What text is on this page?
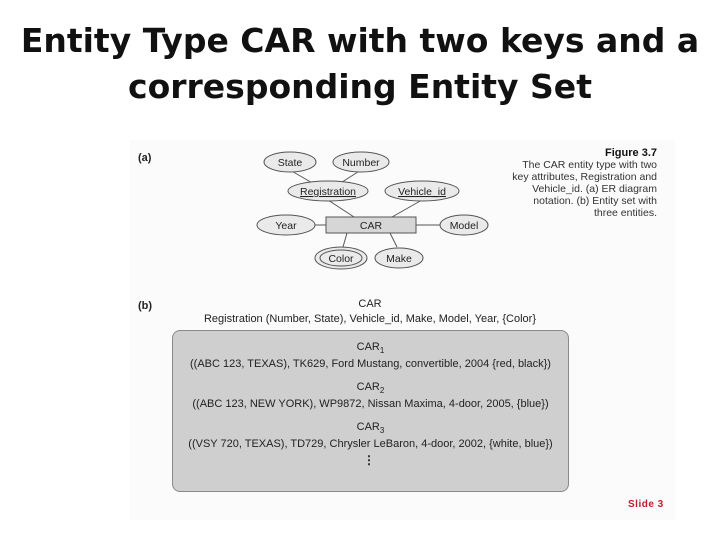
Entity Type CAR with two keys and a
corresponding Entity Set
(a)
(b)
Figure 3.7
The CAR entity type with two
key attributes, Registration and
Vehicle_id. (a) ER diagram
notation. (b) Entity set with
three entities.
State	Number
Registration	Vehicle_id
Year	CAR	Model
Color	Make
CAR
Registration (Number, State), Vehicle_id, Make, Model, Year, {Color}
$CAR_1$
((ABC 123, TEXAS), TK629, Ford Mustang, convertible, 2004 {red, black})
$CAR_2$
((ABC 123, NEW YORK), WP9872, Nissan Maxima, 4-door, 2005, {blue})
$CAR_3$
((VSY 720, TEXAS), TD729, Chrysler LeBaron, 4-door, 2002, {white, blue})
⋮
Slide 3
